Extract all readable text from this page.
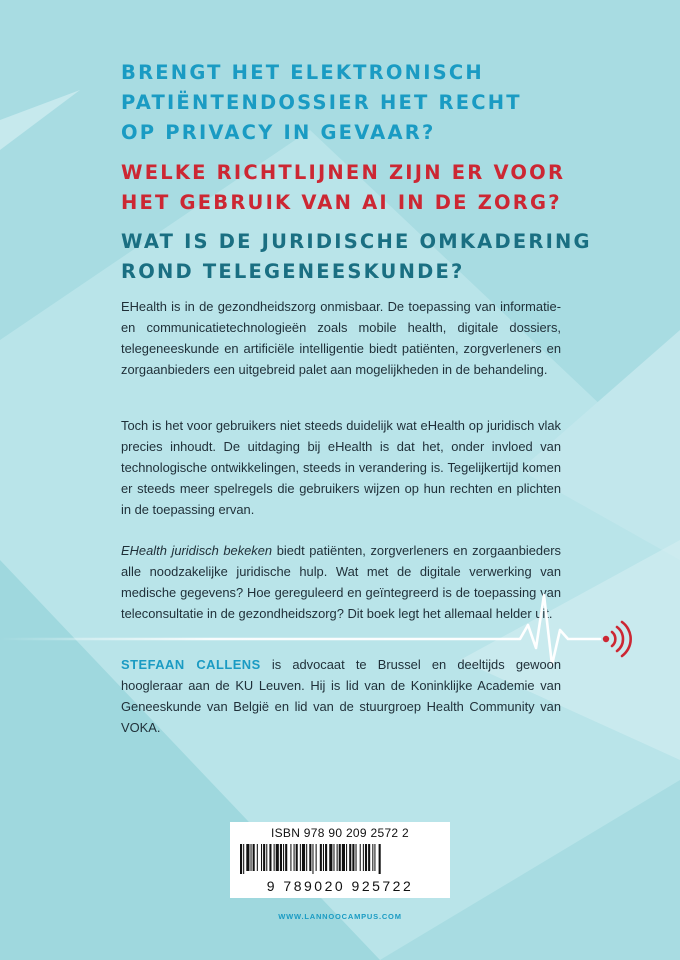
BRENGT HET ELEKTRONISCH
PATIËNTENDOSSIER HET RECHT
OP PRIVACY IN GEVAAR?
WELKE RICHTLIJNEN ZIJN ER VOOR
HET GEBRUIK VAN AI IN DE ZORG?
WAT IS DE JURIDISCHE OMKADERING
ROND TELEGENEESKUNDE?

EHealth is in de gezondheidszorg onmisbaar. De toepassing van informatie- en communicatietechnologieën zoals mobile health, digitale dossiers, telegeneeskunde en artificiële intelligentie biedt patiënten, zorgverleners en zorgaanbieders een uitgebreid palet aan mogelijkheden in de behandeling.

Toch is het voor gebruikers niet steeds duidelijk wat eHealth op juridisch vlak precies inhoudt. De uitdaging bij eHealth is dat het, onder invloed van technologische ontwikkelingen, steeds in verandering is. Tegelijkertijd komen er steeds meer spelregels die gebruikers wijzen op hun rechten en plichten in de toepassing ervan.

EHealth juridisch bekeken biedt patiënten, zorgverleners en zorgaanbieders alle noodzakelijke juridische hulp. Wat met de digitale verwerking van medische gegevens? Hoe gereguleerd en geïntegreerd is de toepassing van teleconsultatie in de gezondheidszorg? Dit boek legt het allemaal helder uit.

STEFAAN CALLENS is advocaat te Brussel en deeltijds gewoon hoogleraar aan de KU Leuven. Hij is lid van de Koninklijke Academie van Geneeskunde van België en lid van de stuurgroep Health Community van VOKA.

ISBN 978 90 209 2572 2
9 789020 925722
WWW.LANNOOCAMPUS.COM
